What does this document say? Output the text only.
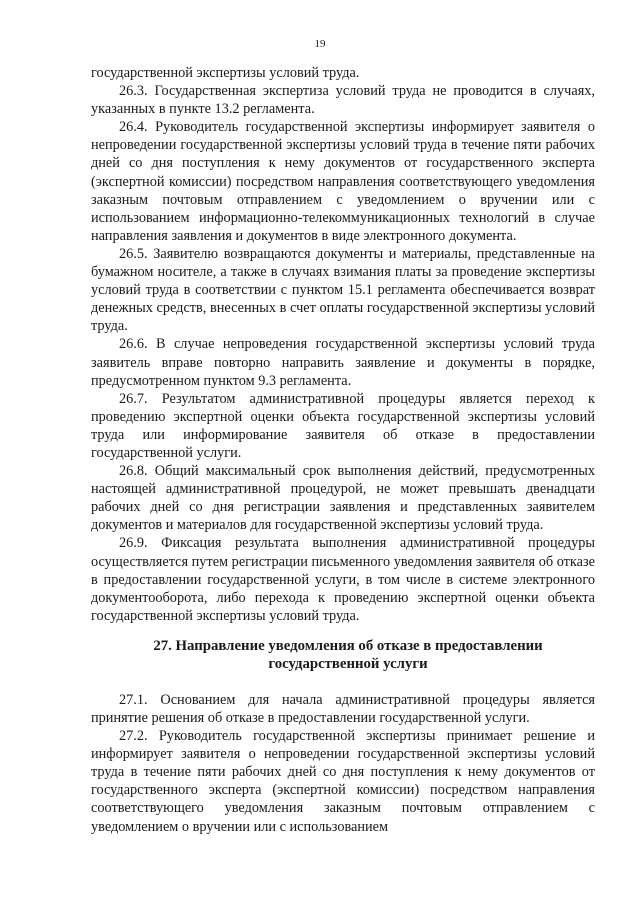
19

государственной экспертизы условий труда.

26.3. Государственная экспертиза условий труда не проводится в случаях, указанных в пункте 13.2 регламента.

26.4. Руководитель государственной экспертизы информирует заявителя о непроведении государственной экспертизы условий труда в течение пяти рабочих дней со дня поступления к нему документов от государственного эксперта (экспертной комиссии) посредством направления соответствующего уведомления заказным почтовым отправлением с уведомлением о вручении или с использованием информационно-телекоммуникационных технологий в случае направления заявления и документов в виде электронного документа.

26.5. Заявителю возвращаются документы и материалы, представленные на бумажном носителе, а также в случаях взимания платы за проведение экспертизы условий труда в соответствии с пунктом 15.1 регламента обеспечивается возврат денежных средств, внесенных в счет оплаты государственной экспертизы условий труда.

26.6. В случае непроведения государственной экспертизы условий труда заявитель вправе повторно направить заявление и документы в порядке, предусмотренном пунктом 9.3 регламента.

26.7. Результатом административной процедуры является переход к проведению экспертной оценки объекта государственной экспертизы условий труда или информирование заявителя об отказе в предоставлении государственной услуги.

26.8. Общий максимальный срок выполнения действий, предусмотренных настоящей административной процедурой, не может превышать двенадцати рабочих дней со дня регистрации заявления и представленных заявителем документов и материалов для государственной экспертизы условий труда.

26.9. Фиксация результата выполнения административной процедуры осуществляется путем регистрации письменного уведомления заявителя об отказе в предоставлении государственной услуги, в том числе в системе электронного документооборота, либо перехода к проведению экспертной оценки объекта государственной экспертизы условий труда.

27. Направление уведомления об отказе в предоставлении
государственной услуги

27.1. Основанием для начала административной процедуры является принятие решения об отказе в предоставлении государственной услуги.

27.2. Руководитель государственной экспертизы принимает решение и информирует заявителя о непроведении государственной экспертизы условий труда в течение пяти рабочих дней со дня поступления к нему документов от государственного эксперта (экспертной комиссии) посредством направления соответствующего уведомления заказным почтовым отправлением с уведомлением о вручении или с использованием
